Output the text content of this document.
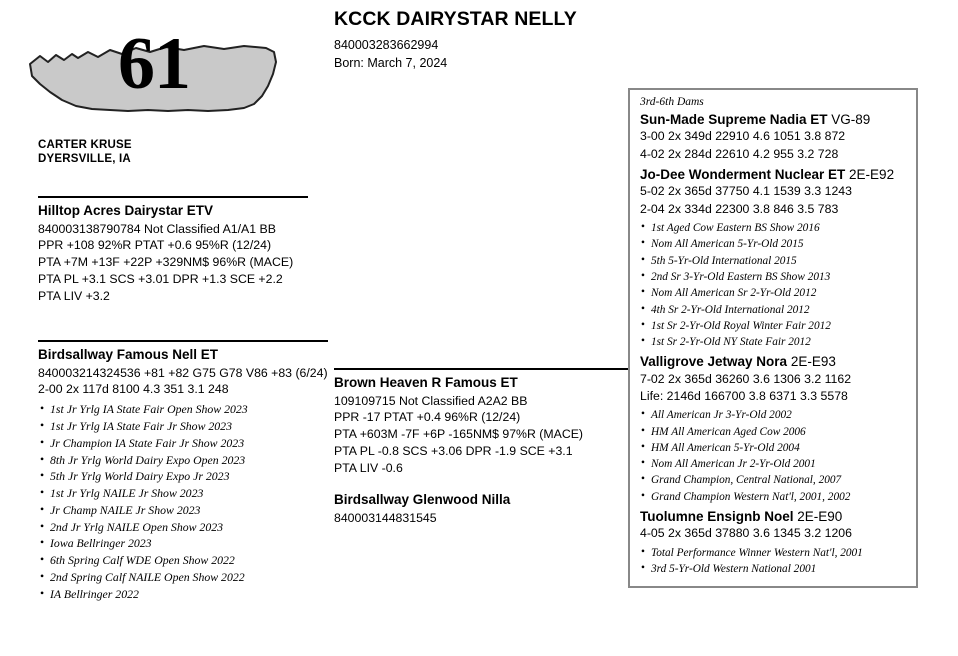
61
CARTER KRUSE
DYERSVILLE, IA
KCCK DAIRYSTAR NELLY
840003283662994
Born: March 7, 2024
Hilltop Acres Dairystar ETV
840003138790784 Not Classified A1/A1 BB
PPR +108 92%R PTAT +0.6 95%R (12/24)
PTA +7M +13F +22P +329NM$ 96%R (MACE)
PTA PL +3.1 SCS +3.01 DPR +1.3 SCE +2.2
PTA LIV +3.2
Birdsallway Famous Nell ET
840003214324536 +81 +82 G75 G78 V86 +83 (6/24)
2-00 2x 117d 8100 4.3 351 3.1 248
• 1st Jr Yrlg IA State Fair Open Show 2023
• 1st Jr Yrlg IA State Fair Jr Show 2023
• Jr Champion IA State Fair Jr Show 2023
• 8th Jr Yrlg World Dairy Expo Open 2023
• 5th Jr Yrlg World Dairy Expo Jr 2023
• 1st Jr Yrlg NAILE Jr Show 2023
• Jr Champ NAILE Jr Show 2023
• 2nd Jr Yrlg NAILE Open Show 2023
• Iowa Bellringer 2023
• 6th Spring Calf WDE Open Show 2022
• 2nd Spring Calf NAILE Open Show 2022
• IA Bellringer 2022
Brown Heaven R Famous ET
109109715 Not Classified A2A2 BB
PPR -17 PTAT +0.4 96%R (12/24)
PTA +603M -7F +6P -165NM$ 97%R (MACE)
PTA PL -0.8 SCS +3.06 DPR -1.9 SCE +3.1
PTA LIV -0.6
Birdsallway Glenwood Nilla
840003144831545
3rd-6th Dams
Sun-Made Supreme Nadia ET VG-89
3-00 2x 349d 22910 4.6 1051 3.8 872
4-02 2x 284d 22610 4.2 955 3.2 728
Jo-Dee Wonderment Nuclear ET 2E-E92
5-02 2x 365d 37750 4.1 1539 3.3 1243
2-04 2x 334d 22300 3.8 846 3.5 783
• 1st Aged Cow Eastern BS Show 2016
• Nom All American 5-Yr-Old 2015
• 5th 5-Yr-Old International 2015
• 2nd Sr 3-Yr-Old Eastern BS Show 2013
• Nom All American Sr 2-Yr-Old 2012
• 4th Sr 2-Yr-Old International 2012
• 1st Sr 2-Yr-Old Royal Winter Fair 2012
• 1st Sr 2-Yr-Old NY State Fair 2012
Valligrove Jetway Nora 2E-E93
7-02 2x 365d 36260 3.6 1306 3.2 1162
Life: 2146d 166700 3.8 6371 3.3 5578
• All American Jr 3-Yr-Old 2002
• HM All American Aged Cow 2006
• HM All American 5-Yr-Old 2004
• Nom All American Jr 2-Yr-Old 2001
• Grand Champion, Central National, 2007
• Grand Champion Western Nat'l, 2001, 2002
Tuolumne Ensignb Noel 2E-E90
4-05 2x 365d 37880 3.6 1345 3.2 1206
• Total Performance Winner Western Nat'l, 2001
• 3rd 5-Yr-Old Western National 2001
